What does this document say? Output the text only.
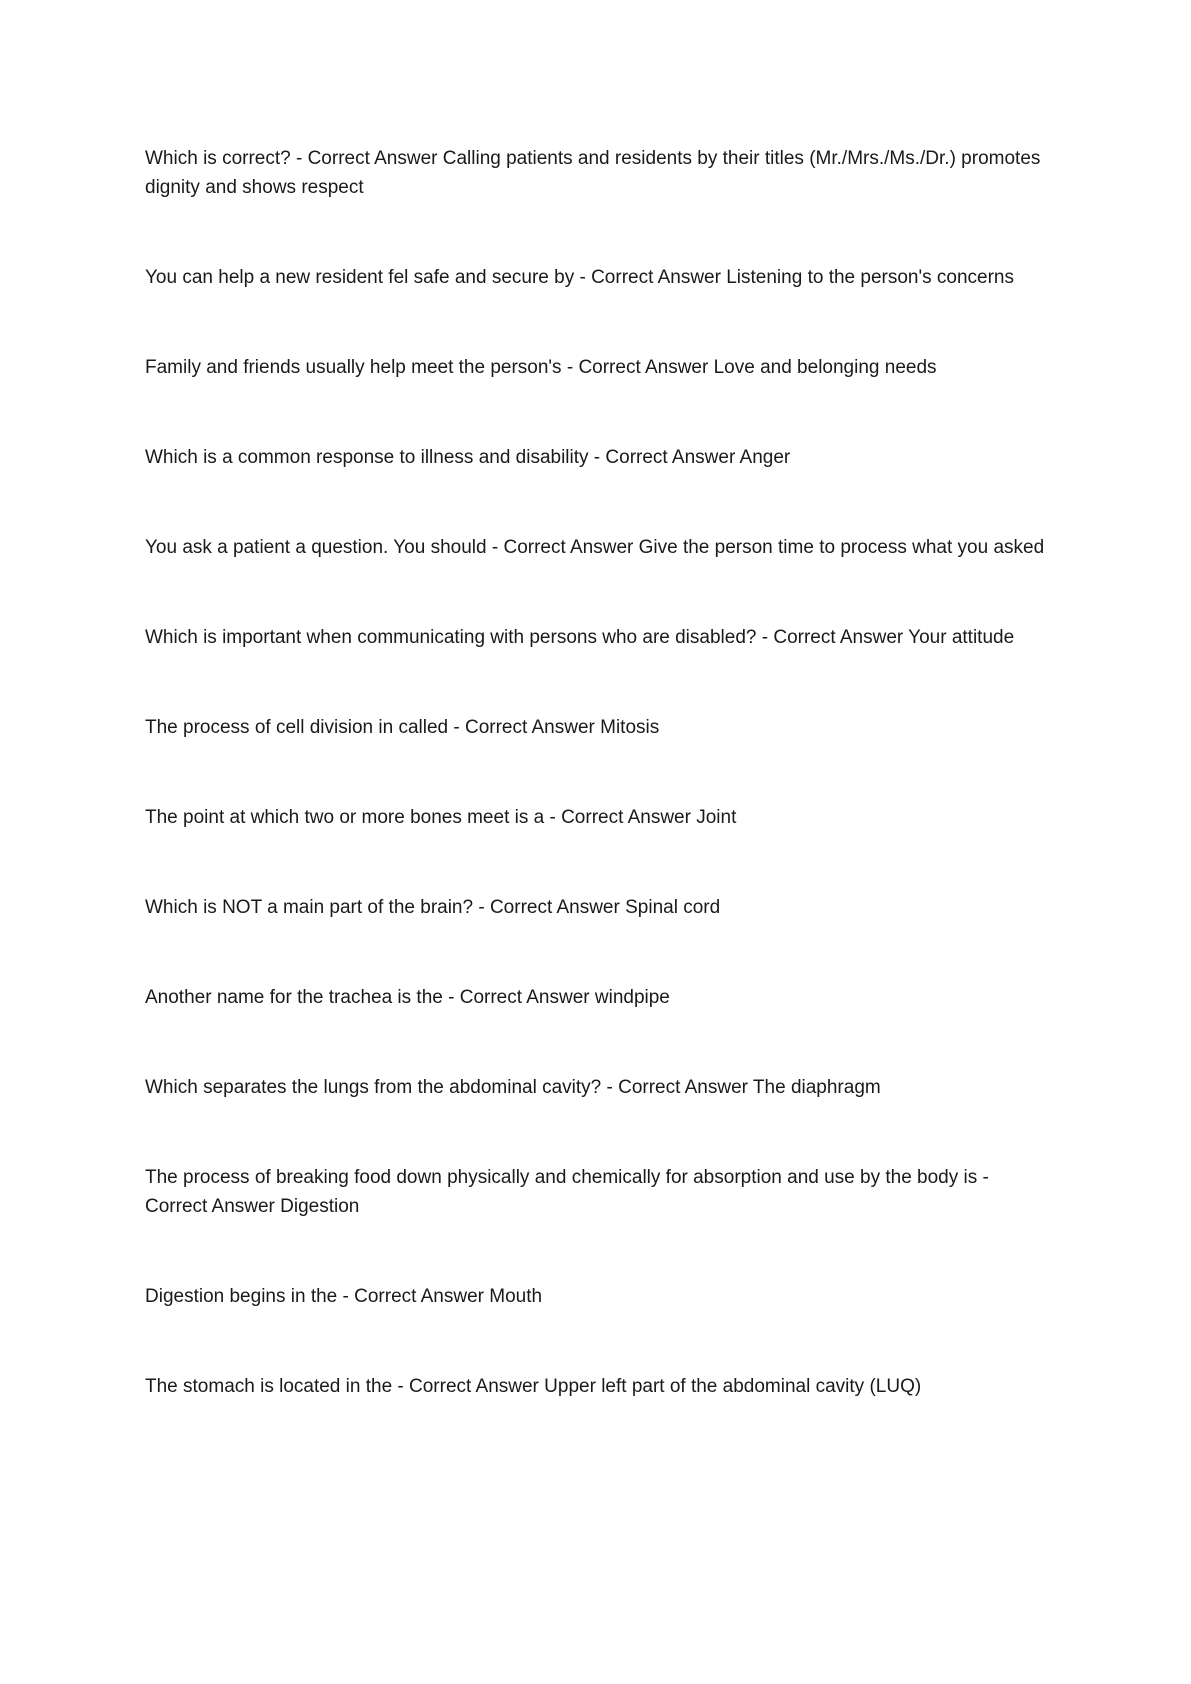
Which is correct? - Correct Answer Calling patients and residents by their titles (Mr./Mrs./Ms./Dr.) promotes dignity and shows respect
You can help a new resident fel safe and secure by - Correct Answer Listening to the person's concerns
Family and friends usually help meet the person's - Correct Answer Love and belonging needs
Which is a common response to illness and disability - Correct Answer Anger
You ask a patient a question. You should - Correct Answer Give the person time to process what you asked
Which is important when communicating with persons who are disabled? - Correct Answer Your attitude
The process of cell division in called - Correct Answer Mitosis
The point at which two or more bones meet is a - Correct Answer Joint
Which is NOT a main part of the brain? - Correct Answer Spinal cord
Another name for the trachea is the - Correct Answer windpipe
Which separates the lungs from the abdominal cavity? - Correct Answer The diaphragm
The process of breaking food down physically and chemically for absorption and use by the body is - Correct Answer Digestion
Digestion begins in the - Correct Answer Mouth
The stomach is located in the - Correct Answer Upper left part of the abdominal cavity (LUQ)
